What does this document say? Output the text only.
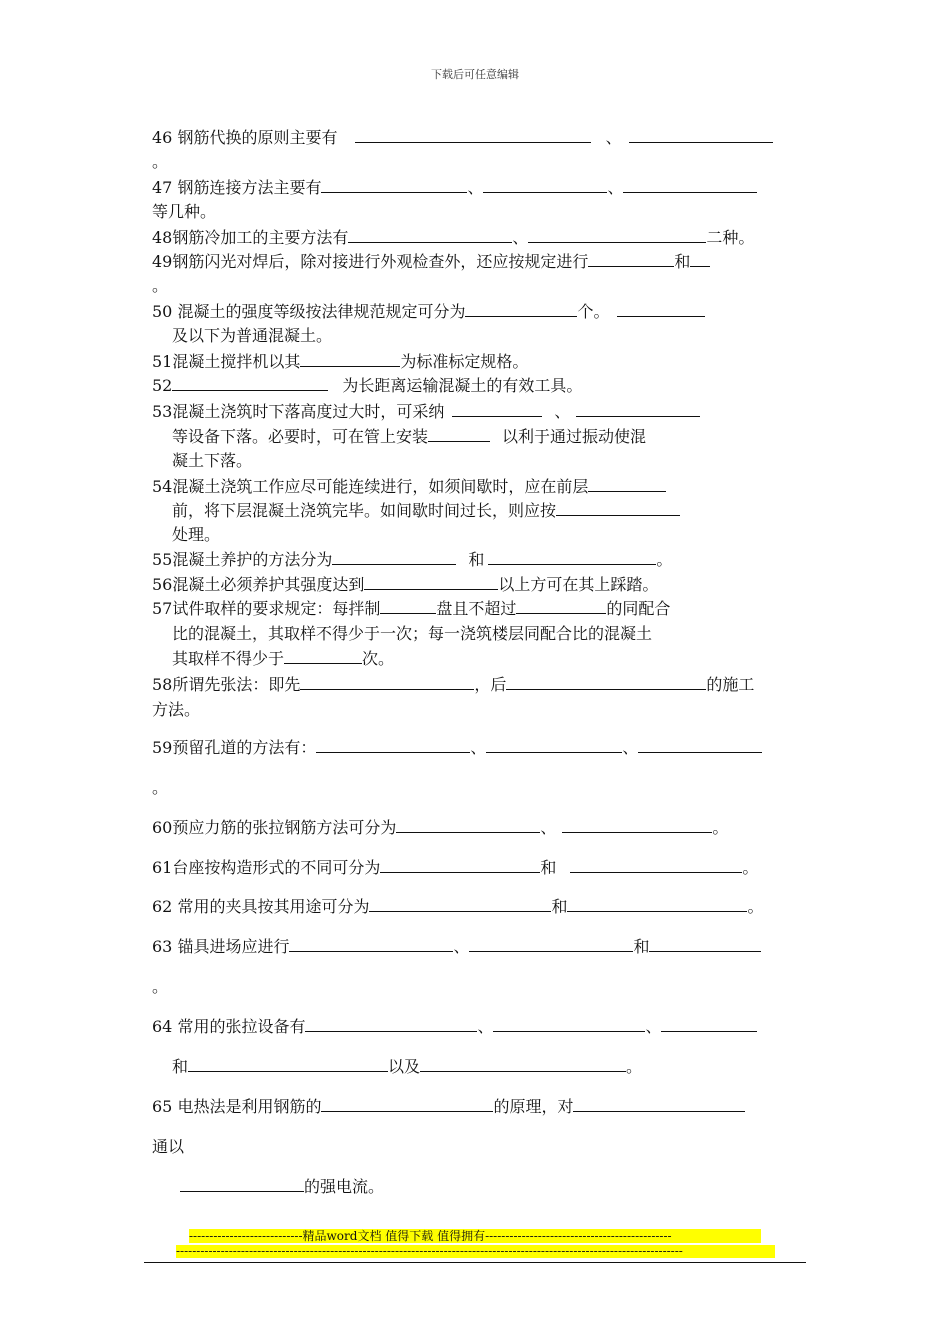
下载后可任意编辑
46 钢筋代换的原则主要有	、
。
47 钢筋连接方法主要有	、	、
等几种。
48钢筋冷加工的主要方法有	、	二种。
49钢筋闪光对焊后，除对接进行外观检查外，还应按规定进行	和
。
50 混凝土的强度等级按法律规范规定可分为	个。
及以下为普通混凝土。
51混凝土搅拌机以其	为标准标定规格。
52	为长距离运输混凝土的有效工具。
53混凝土浇筑时下落高度过大时，可采纳	、
等设备下落。必要时，可在管上安装	以利于通过振动使混
凝土下落。
54混凝土浇筑工作应尽可能连续进行，如须间歇时，应在前层
前，将下层混凝土浇筑完毕。如间歇时间过长，则应按
处理。
55混凝土养护的方法分为	和	。
56混凝土必须养护其强度达到	以上方可在其上踩踏。
57试件取样的要求规定：每拌制	盘且不超过	的同配合
比的混凝土，其取样不得少于一次；每一浇筑楼层同配合比的混凝土
其取样不得少于	次。
58所谓先张法：即先	，后	的施工
方法。
59预留孔道的方法有：	、	、
。
60预应力筋的张拉钢筋方法可分为	、	。
61台座按构造形式的不同可分为	和	。
62 常用的夹具按其用途可分为	和	。
63 锚具进场应进行	、	和
。
64 常用的张拉设备有	、	、
和	以及	。
65 电热法是利用钢筋的	的原理，对
通以
的强电流。
----------------------------精品word文档 值得下载 值得拥有----------------------------------------------
-----------------------------------------------------------------------------------------------------------------------------
